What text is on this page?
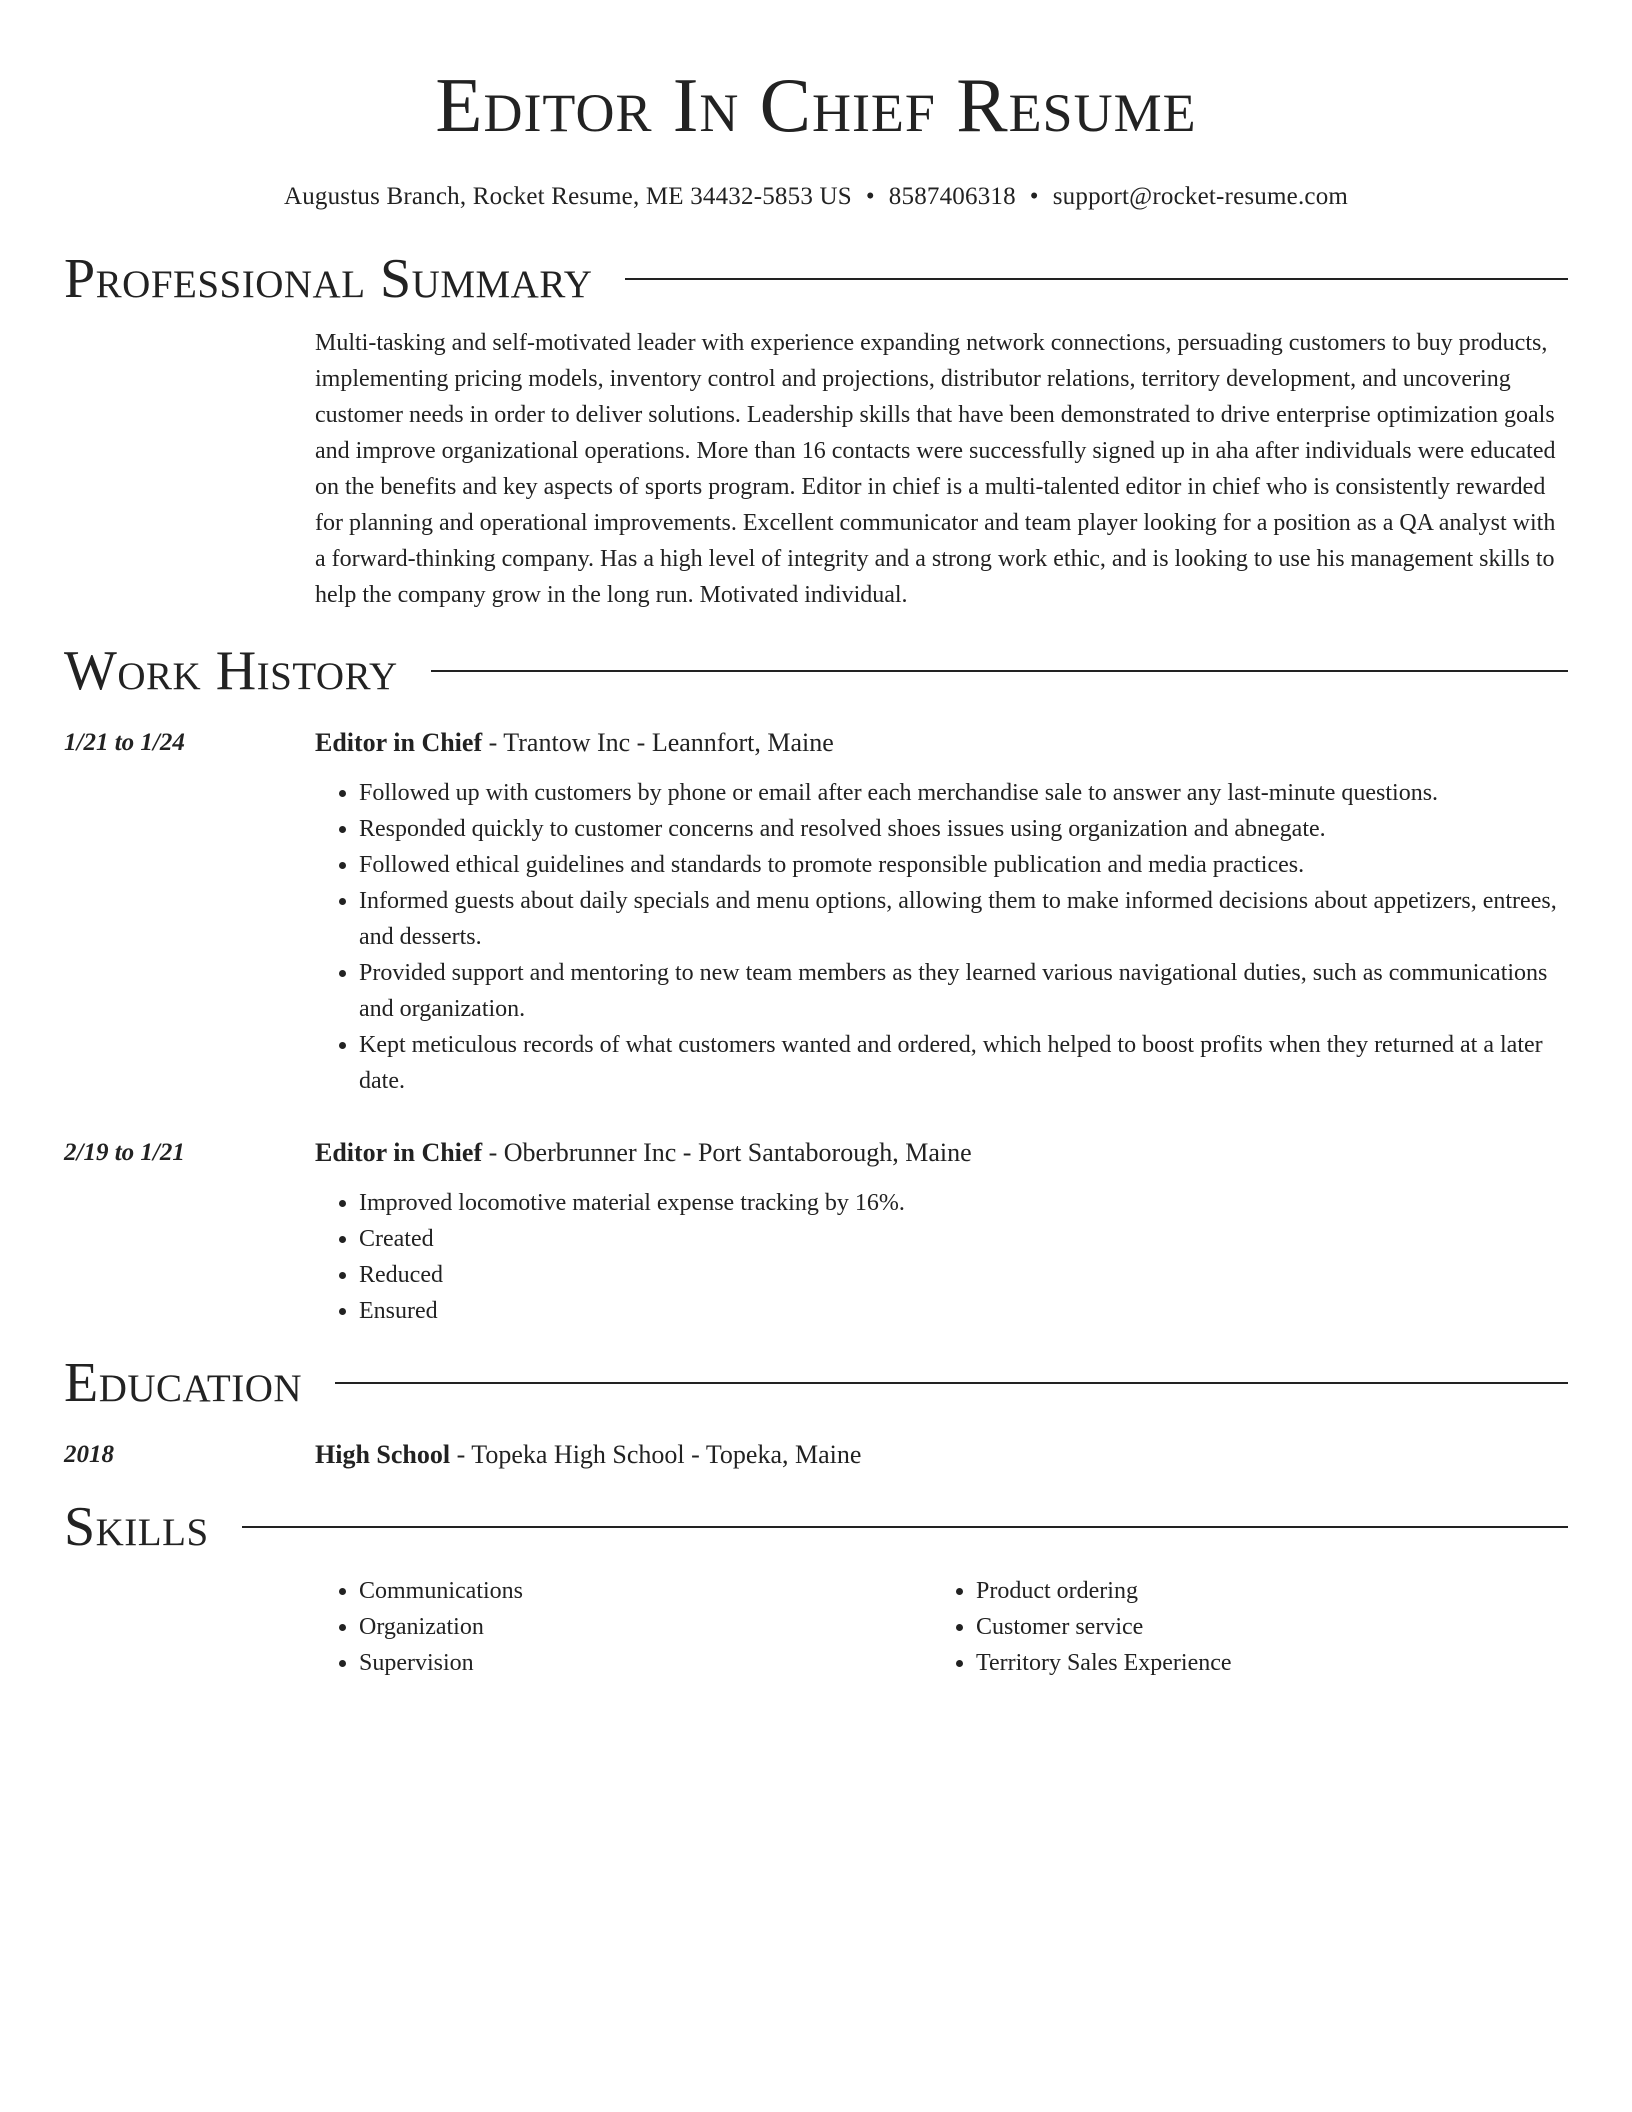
Editor In Chief Resume
Augustus Branch, Rocket Resume, ME 34432-5853 US • 8587406318 • support@rocket-resume.com
Professional Summary
Multi-tasking and self-motivated leader with experience expanding network connections, persuading customers to buy products, implementing pricing models, inventory control and projections, distributor relations, territory development, and uncovering customer needs in order to deliver solutions. Leadership skills that have been demonstrated to drive enterprise optimization goals and improve organizational operations. More than 16 contacts were successfully signed up in aha after individuals were educated on the benefits and key aspects of sports program. Editor in chief is a multi-talented editor in chief who is consistently rewarded for planning and operational improvements. Excellent communicator and team player looking for a position as a QA analyst with a forward-thinking company. Has a high level of integrity and a strong work ethic, and is looking to use his management skills to help the company grow in the long run. Motivated individual.
Work History
1/21 to 1/24	Editor in Chief - Trantow Inc - Leannfort, Maine
• Followed up with customers by phone or email after each merchandise sale to answer any last-minute questions.
• Responded quickly to customer concerns and resolved shoes issues using organization and abnegate.
• Followed ethical guidelines and standards to promote responsible publication and media practices.
• Informed guests about daily specials and menu options, allowing them to make informed decisions about appetizers, entrees, and desserts.
• Provided support and mentoring to new team members as they learned various navigational duties, such as communications and organization.
• Kept meticulous records of what customers wanted and ordered, which helped to boost profits when they returned at a later date.
2/19 to 1/21	Editor in Chief - Oberbrunner Inc - Port Santaborough, Maine
• Improved locomotive material expense tracking by 16%.
• Created
• Reduced
• Ensured
Education
2018	High School - Topeka High School - Topeka, Maine
Skills
• Communications
• Organization
• Supervision
• Product ordering
• Customer service
• Territory Sales Experience
